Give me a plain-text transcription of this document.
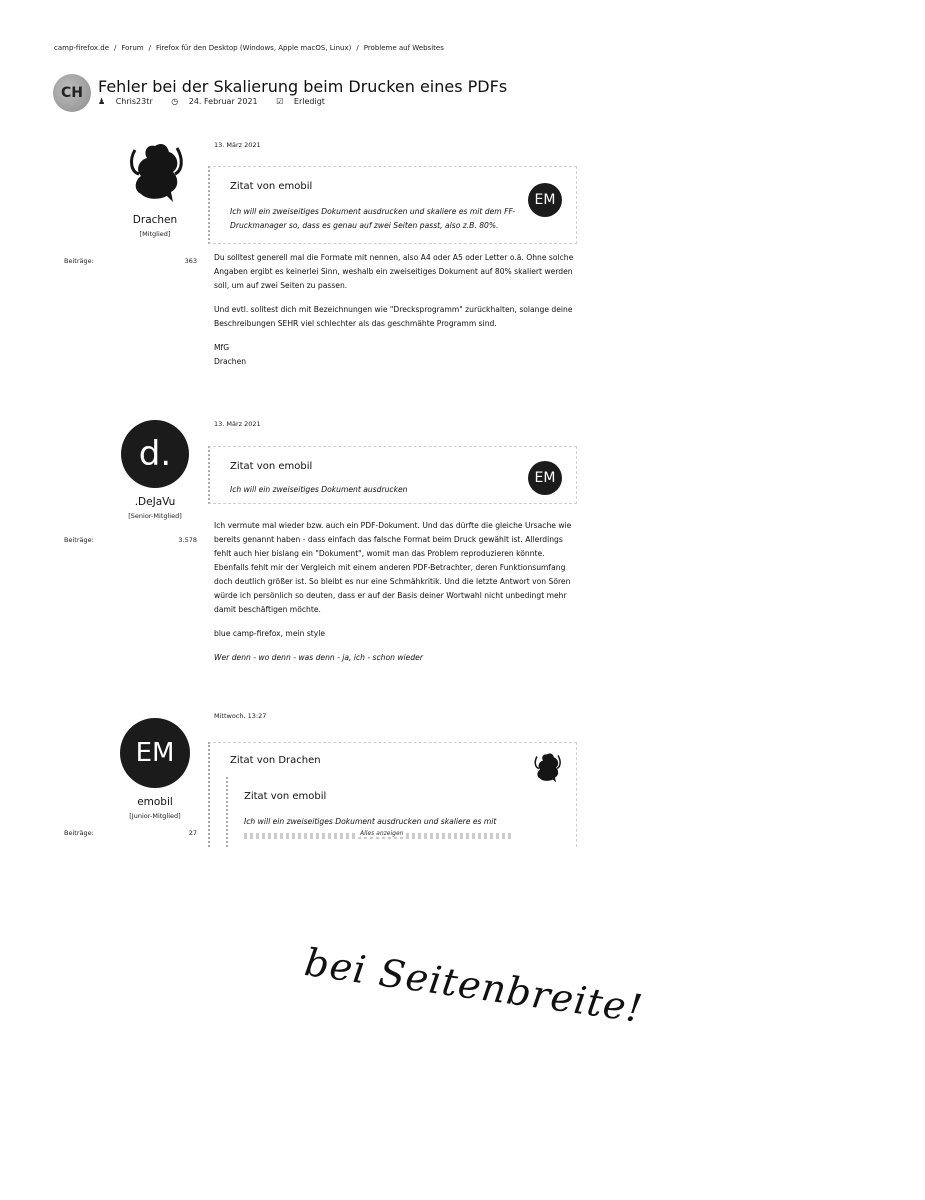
camp-firefox.de / Forum / Firefox für den Desktop (Windows, Apple macOS, Linux) / Probleme auf Websites
CH Fehler bei der Skalierung beim Drucken eines PDFs
♟ Chris23tr ◷ 24. Februar 2021 ☑ Erledigt
Drachen
[Mitglied]
Beiträge:	363
13. März 2021
Zitat von emobil
EM
Ich will ein zweiseitiges Dokument ausdrucken und skaliere es mit dem FF-Druckmanager so, dass es genau auf zwei Seiten passt, also z.B. 80%.

Du solltest generell mal die Formate mit nennen, also A4 oder A5 oder Letter o.ä. Ohne solche Angaben ergibt es keinerlei Sinn, weshalb ein zweiseitiges Dokument auf 80% skaliert werden soll, um auf zwei Seiten zu passen.

Und evtl. solltest dich mit Bezeichnungen wie "Drecksprogramm" zurückhalten, solange deine Beschreibungen SEHR viel schlechter als das geschmähte Programm sind.

MfG
Drachen
d.
.DeJaVu
[Senior-Mitglied]
Beiträge:	3.578
13. März 2021
Zitat von emobil
EM
Ich will ein zweiseitiges Dokument ausdrucken

Ich vermute mal wieder bzw. auch ein PDF-Dokument. Und das dürfte die gleiche Ursache wie bereits genannt haben - dass einfach das falsche Format beim Druck gewählt ist. Allerdings fehlt auch hier bislang ein "Dokument", womit man das Problem reproduzieren könnte. Ebenfalls fehlt mir der Vergleich mit einem anderen PDF-Betrachter, deren Funktionsumfang doch deutlich größer ist. So bleibt es nur eine Schmähkritik. Und die letzte Antwort von Sören würde ich persönlich so deuten, dass er auf der Basis deiner Wortwahl nicht unbedingt mehr damit beschäftigen möchte.

blue camp-firefox, mein style

Wer denn - wo denn - was denn - ja, ich - schon wieder
EM
emobil
[Junior-Mitglied]
Beiträge:	27
Mittwoch, 13:27
Zitat von Drachen
Zitat von emobil
Ich will ein zweiseitiges Dokument ausdrucken und skaliere es mit
Alles anzeigen
bei Seitenbreite!
